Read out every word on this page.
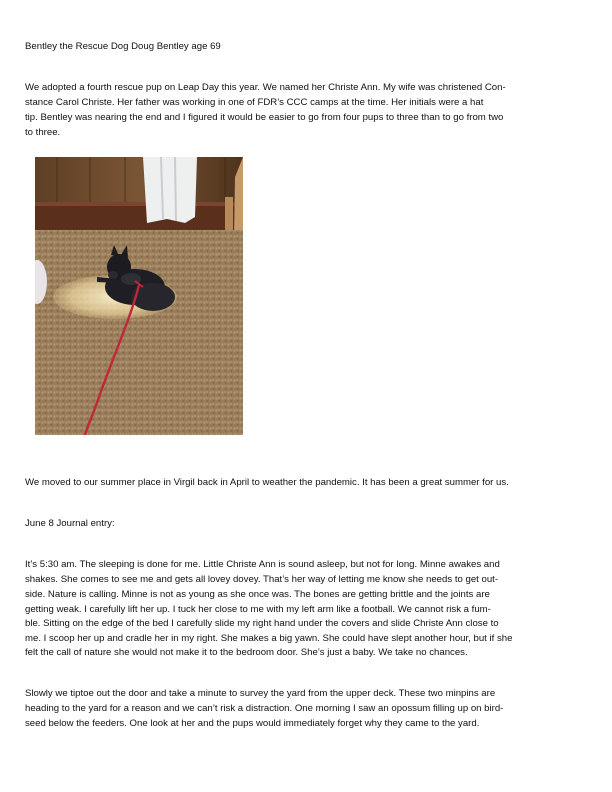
Bentley the Rescue Dog Doug Bentley age 69
We adopted a fourth rescue pup on Leap Day this year. We named her Christe Ann. My wife was christened Con-
stance Carol Christe. Her father was working in one of FDR’s CCC camps at the time. Her initials were a hat
tip. Bentley was nearing the end and I figured it would be easier to go from four pups to three than to go from two
to three.
We moved to our summer place in Virgil back in April to weather the pandemic. It has been a great summer for us.
June 8 Journal entry:
It’s 5:30 am. The sleeping is done for me. Little Christe Ann is sound asleep, but not for long. Minne awakes and
shakes. She comes to see me and gets all lovey dovey. That’s her way of letting me know she needs to get out-
side. Nature is calling. Minne is not as young as she once was. The bones are getting brittle and the joints are
getting weak. I carefully lift her up. I tuck her close to me with my left arm like a football. We cannot risk a fum-
ble. Sitting on the edge of the bed I carefully slide my right hand under the covers and slide Christe Ann close to
me. I scoop her up and cradle her in my right. She makes a big yawn. She could have slept another hour, but if she
felt the call of nature she would not make it to the bedroom door. She’s just a baby. We take no chances.
Slowly we tiptoe out the door and take a minute to survey the yard from the upper deck. These two minpins are
heading to the yard for a reason and we can’t risk a distraction. One morning I saw an opossum filling up on bird-
seed below the feeders. One look at her and the pups would immediately forget why they came to the yard.
